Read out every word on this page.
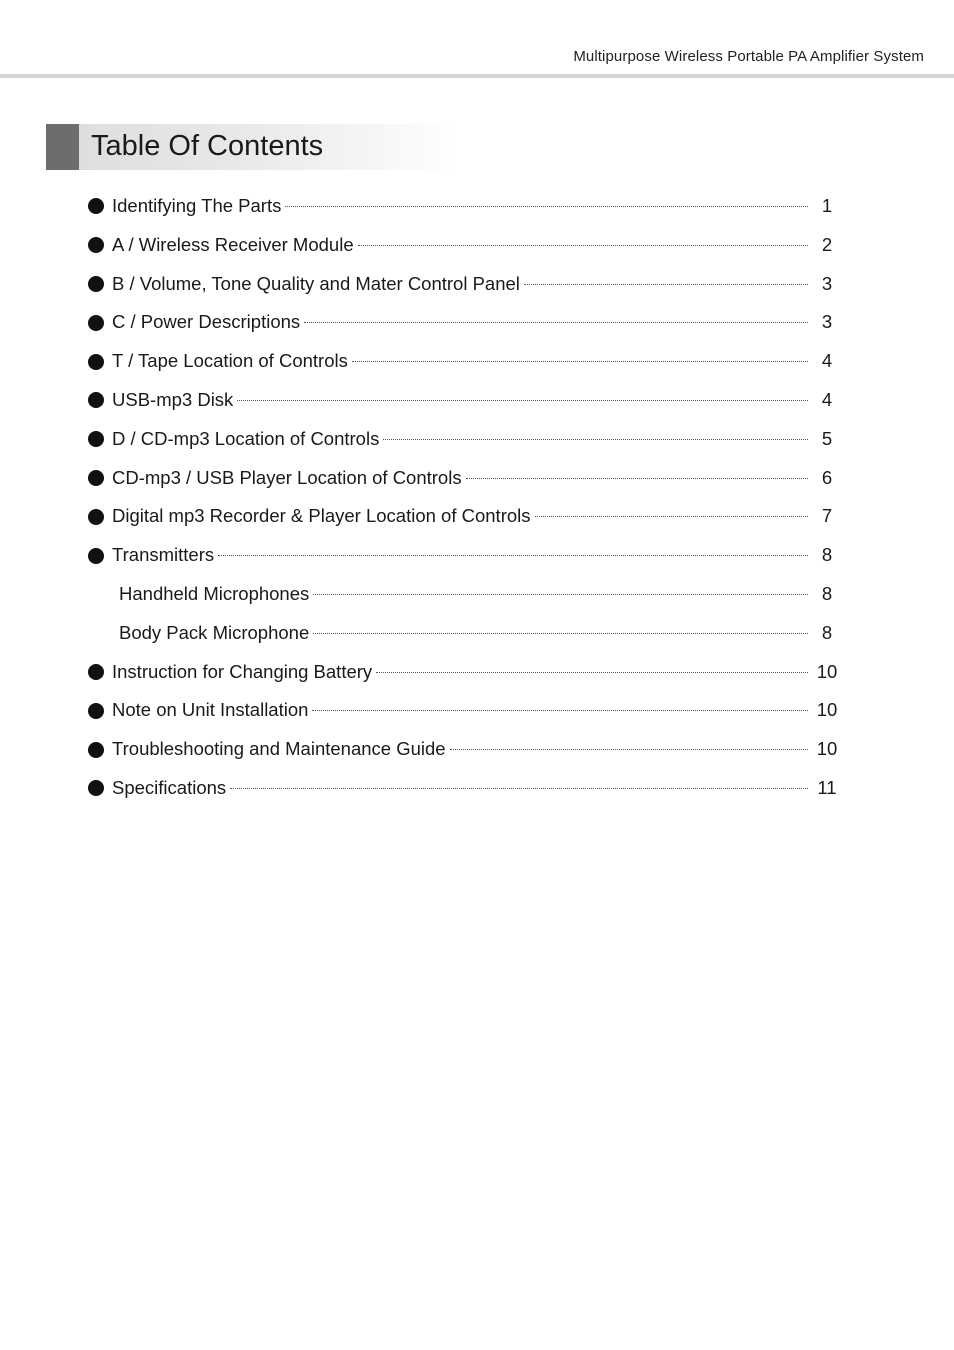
Multipurpose Wireless Portable PA Amplifier System
Table Of Contents
Identifying The Parts	1
A / Wireless Receiver Module	2
B / Volume, Tone Quality and Mater Control Panel	3
C / Power Descriptions	3
T / Tape Location of Controls	4
USB-mp3 Disk	4
D / CD-mp3 Location of Controls	5
CD-mp3 / USB Player Location of Controls	6
Digital mp3 Recorder & Player Location of Controls	7
Transmitters	8
Handheld Microphones	8
Body Pack Microphone	8
Instruction for Changing Battery	10
Note on Unit Installation	10
Troubleshooting and Maintenance Guide	10
Specifications	11
